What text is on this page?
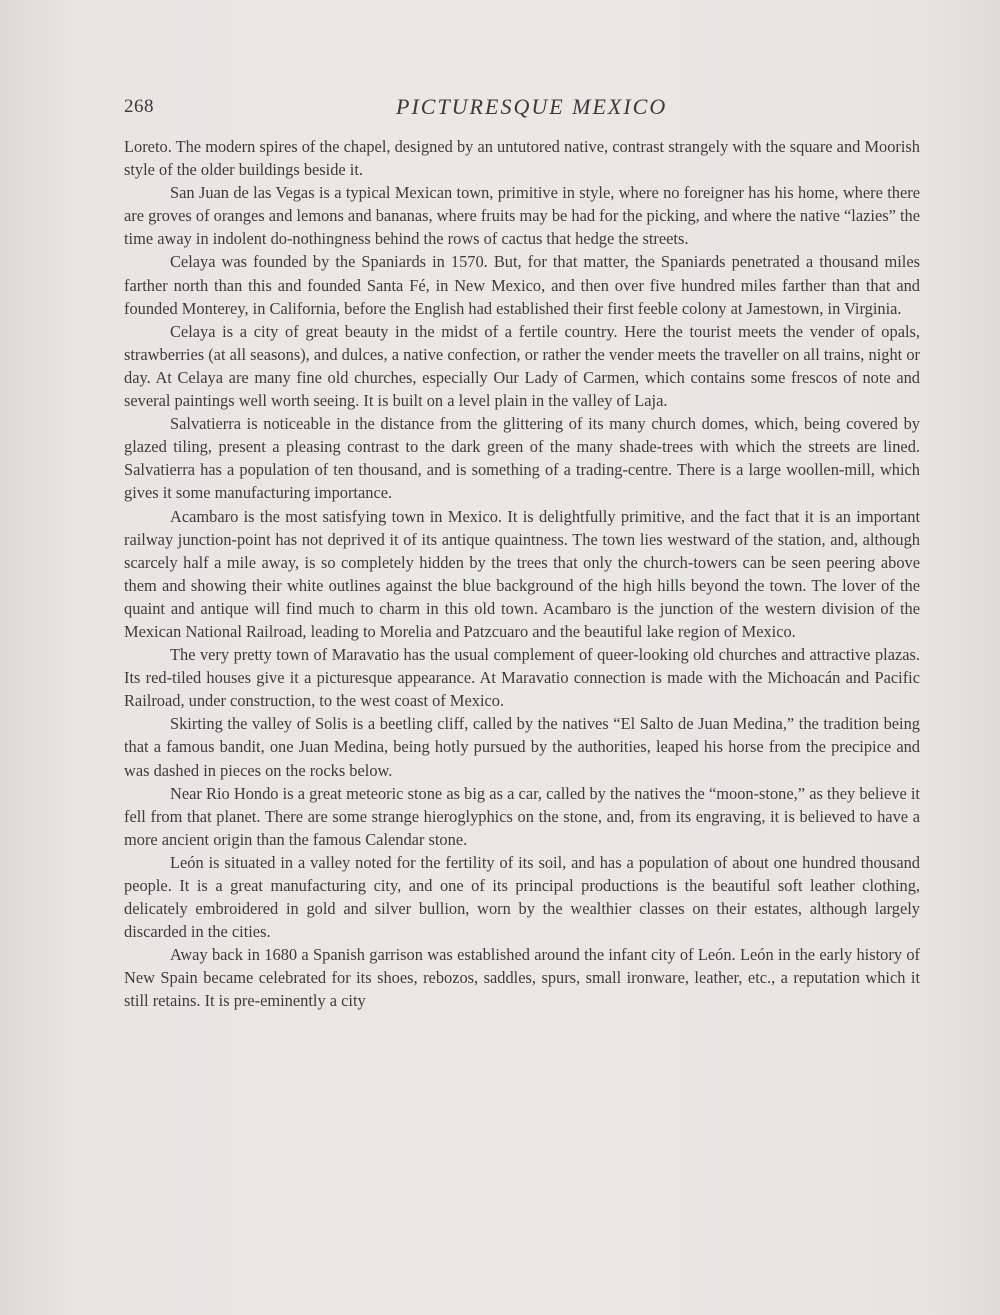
268	PICTURESQUE MEXICO

Loreto. The modern spires of the chapel, designed by an untutored native, contrast strangely with the square and Moorish style of the older buildings beside it.

San Juan de las Vegas is a typical Mexican town, primitive in style, where no foreigner has his home, where there are groves of oranges and lemons and bananas, where fruits may be had for the picking, and where the native “lazies” the time away in indolent do-nothingness behind the rows of cactus that hedge the streets.

Celaya was founded by the Spaniards in 1570. But, for that matter, the Spaniards penetrated a thousand miles farther north than this and founded Santa Fé, in New Mexico, and then over five hundred miles farther than that and founded Monterey, in California, before the English had established their first feeble colony at Jamestown, in Virginia.

Celaya is a city of great beauty in the midst of a fertile country. Here the tourist meets the vender of opals, strawberries (at all seasons), and dulces, a native confection, or rather the vender meets the traveller on all trains, night or day. At Celaya are many fine old churches, especially Our Lady of Carmen, which contains some frescos of note and several paintings well worth seeing. It is built on a level plain in the valley of Laja.

Salvatierra is noticeable in the distance from the glittering of its many church domes, which, being covered by glazed tiling, present a pleasing contrast to the dark green of the many shade-trees with which the streets are lined. Salvatierra has a population of ten thousand, and is something of a trading-centre. There is a large woollen-mill, which gives it some manufacturing importance.

Acambaro is the most satisfying town in Mexico. It is delightfully primitive, and the fact that it is an important railway junction-point has not deprived it of its antique quaintness. The town lies westward of the station, and, although scarcely half a mile away, is so completely hidden by the trees that only the church-towers can be seen peering above them and showing their white outlines against the blue background of the high hills beyond the town. The lover of the quaint and antique will find much to charm in this old town. Acambaro is the junction of the western division of the Mexican National Railroad, leading to Morelia and Patzcuaro and the beautiful lake region of Mexico.

The very pretty town of Maravatio has the usual complement of queer-looking old churches and attractive plazas. Its red-tiled houses give it a picturesque appearance. At Maravatio connection is made with the Michoacán and Pacific Railroad, under construction, to the west coast of Mexico.

Skirting the valley of Solis is a beetling cliff, called by the natives “El Salto de Juan Medina,” the tradition being that a famous bandit, one Juan Medina, being hotly pursued by the authorities, leaped his horse from the precipice and was dashed in pieces on the rocks below.

Near Rio Hondo is a great meteoric stone as big as a car, called by the natives the “moon-stone,” as they believe it fell from that planet. There are some strange hieroglyphics on the stone, and, from its engraving, it is believed to have a more ancient origin than the famous Calendar stone.

León is situated in a valley noted for the fertility of its soil, and has a population of about one hundred thousand people. It is a great manufacturing city, and one of its principal productions is the beautiful soft leather clothing, delicately embroidered in gold and silver bullion, worn by the wealthier classes on their estates, although largely discarded in the cities.

Away back in 1680 a Spanish garrison was established around the infant city of León. León in the early history of New Spain became celebrated for its shoes, rebozos, saddles, spurs, small ironware, leather, etc., a reputation which it still retains. It is pre-eminently a city
